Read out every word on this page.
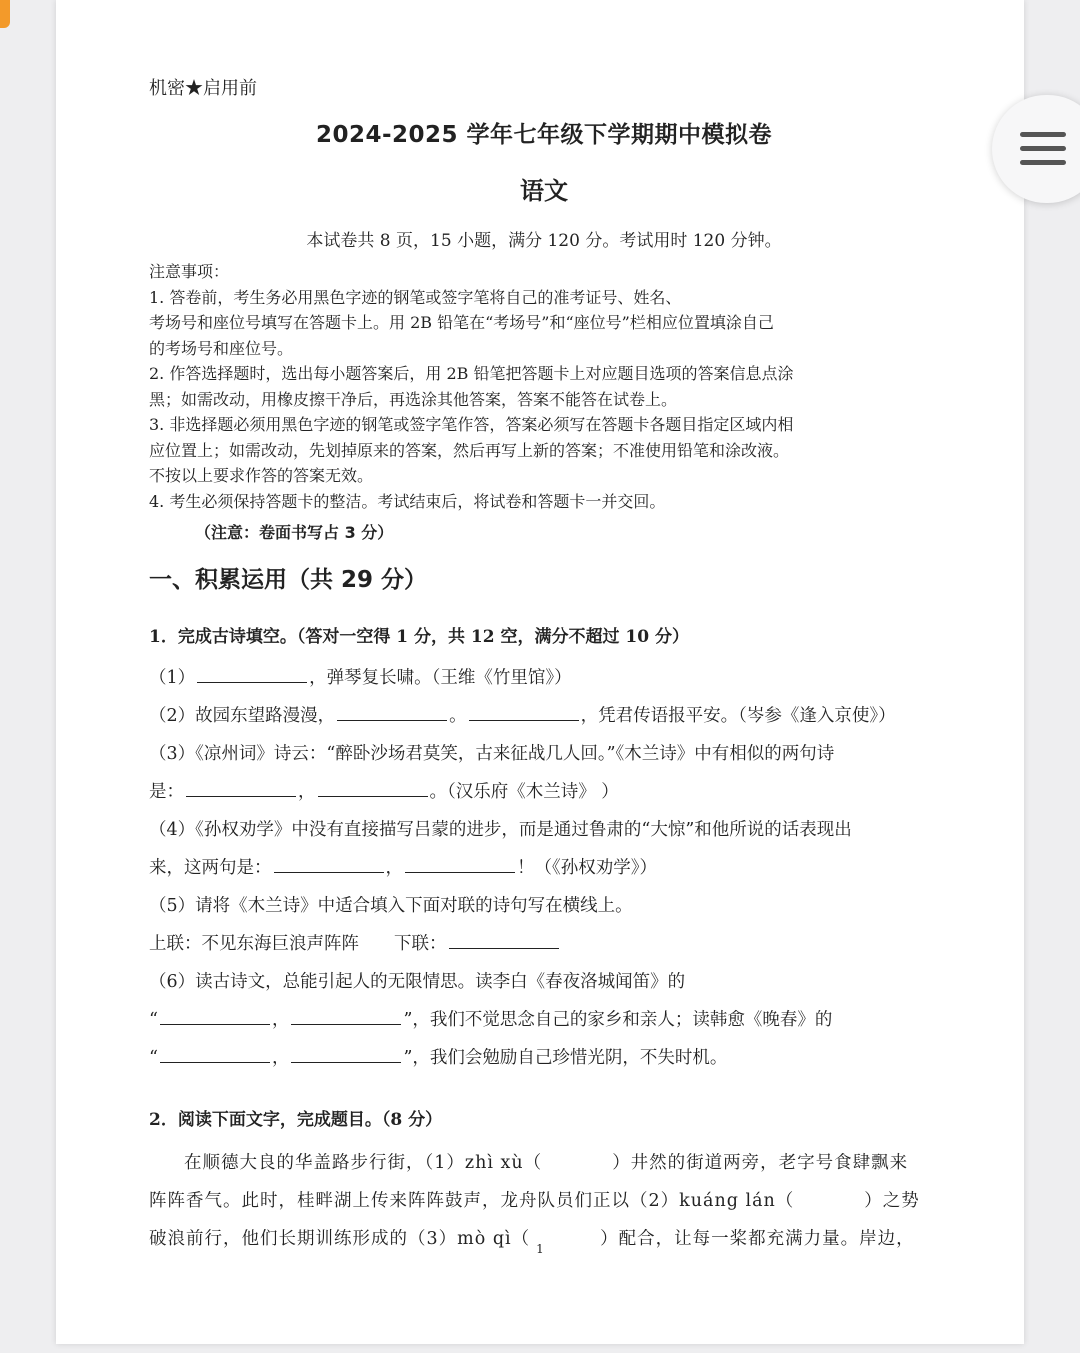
机密★启用前

2024-2025 学年七年级下学期期中模拟卷

语文

本试卷共 8 页，15 小题，满分 120 分。考试用时 120 分钟。

注意事项：

1. 答卷前，考生务必用黑色字迹的钢笔或签字笔将自己的准考证号、姓名、

考场号和座位号填写在答题卡上。用 2B 铅笔在“考场号”和“座位号”栏相应位置填涂自己

的考场号和座位号。

2. 作答选择题时，选出每小题答案后，用 2B 铅笔把答题卡上对应题目选项的答案信息点涂

黑；如需改动，用橡皮擦干净后，再选涂其他答案，答案不能答在试卷上。

3. 非选择题必须用黑色字迹的钢笔或签字笔作答，答案必须写在答题卡各题目指定区域内相

应位置上；如需改动，先划掉原来的答案，然后再写上新的答案；不准使用铅笔和涂改液。

不按以上要求作答的答案无效。

4. 考生必须保持答题卡的整洁。考试结束后，将试卷和答题卡一并交回。

（注意：卷面书写占 3 分）

一、积累运用（共 29 分）

1．完成古诗填空。（答对一空得 1 分，共 12 空，满分不超过 10 分）

（1）	，弹琴复长啸。（王维《竹里馆》）

（2）故园东望路漫漫，	。	，凭君传语报平安。（岑参《逢入京使》）

（3）《凉州词》诗云：“醉卧沙场君莫笑，古来征战几人回。”《木兰诗》中有相似的两句诗

是：	，	。（汉乐府《木兰诗》 ）

（4）《孙权劝学》中没有直接描写吕蒙的进步，而是通过鲁肃的“大惊”和他所说的话表现出

来，这两句是：	，	！（《孙权劝学》）

（5）请将《木兰诗》中适合填入下面对联的诗句写在横线上。

上联：不见东海巨浪声阵阵　　下联：

（6）读古诗文，总能引起人的无限情思。读李白《春夜洛城闻笛》的

“	，	”，我们不觉思念自己的家乡和亲人；读韩愈《晚春》的

“	，	”，我们会勉励自己珍惜光阴，不失时机。

2．阅读下面文字，完成题目。（8 分）

在顺德大良的华盖路步行街，（1）zhì xù（	）井然的街道两旁，老字号食肆飘来

阵阵香气。此时，桂畔湖上传来阵阵鼓声，龙舟队员们正以（2）kuáng lán（	）之势

破浪前行，他们长期训练形成的（3）mò qì（	）配合，让每一桨都充满力量。岸边，

1
